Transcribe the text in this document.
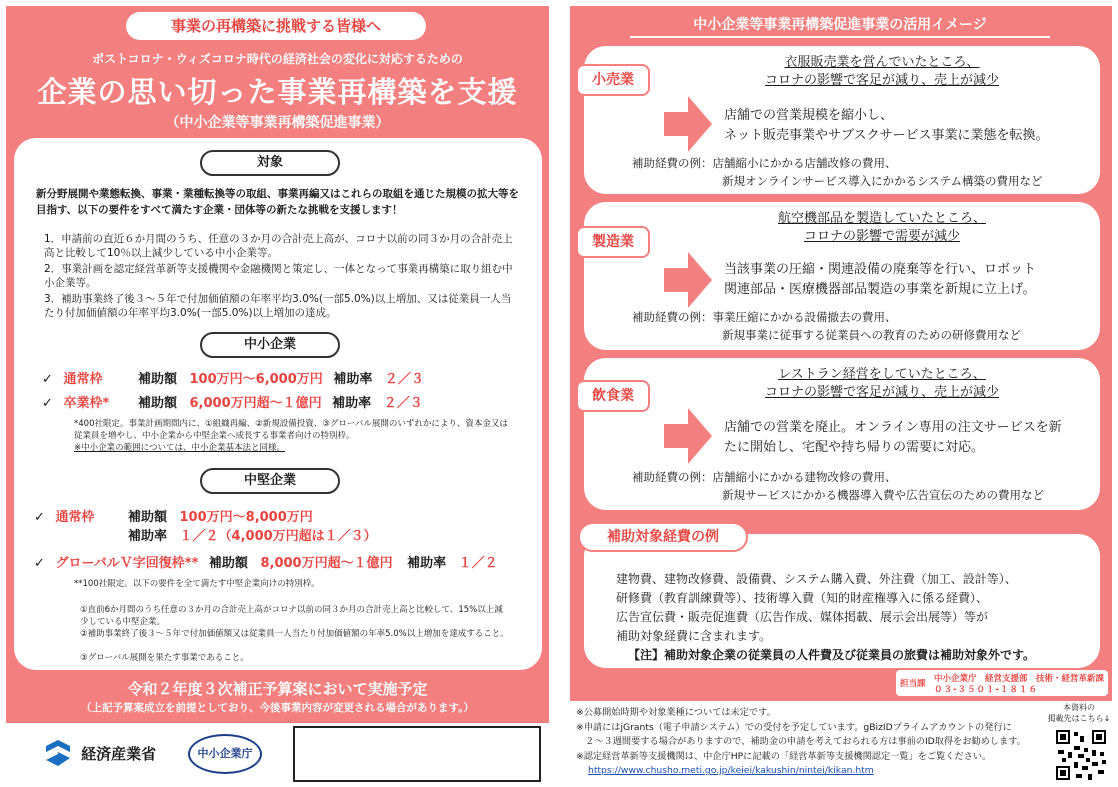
事業の再構築に挑戦する皆様へ
ポストコロナ・ウィズコロナ時代の経済社会の変化に対応するための
企業の思い切った事業再構築を支援
（中小企業等事業再構築促進事業）
対象
新分野展開や業態転換、事業・業種転換等の取組、事業再編又はこれらの取組を通じた規模の拡大等を目指す、以下の要件をすべて満たす企業・団体等の新たな挑戦を支援します！
1．申請前の直近６か月間のうち、任意の３か月の合計売上高が、コロナ以前の同３か月の合計売上高と比較して10％以上減少している中小企業等。
2．事業計画を認定経営革新等支援機関や金融機関と策定し、一体となって事業再構築に取り組む中小企業等。
3．補助事業終了後３～５年で付加価値額の年率平均3.0%(一部5.0%)以上増加、又は従業員一人当たり付加価値額の年率平均3.0%(一部5.0%)以上増加の達成。
中小企業
✓ 通常枠	補助額 100万円～6,000万円 補助率 ２／３
✓ 卒業枠* 補助額 6,000万円超～１億円 補助率 ２／３
*400社限定。事業計画期間内に、①組織再編、②新規設備投資、③グローバル展開のいずれかにより、資本金又は従業員を増やし、中小企業から中堅企業へ成長する事業者向けの特別枠。
※中小企業の範囲については、中小企業基本法と同様。
中堅企業
✓ 通常枠	補助額 100万円～8,000万円
補助率 １／２（4,000万円超は１／３）
✓ グローバルＶ字回復枠** 補助額 8,000万円超～１億円 補助率 １／２
**100社限定。以下の要件を全て満たす中堅企業向けの特別枠。
①直前6か月間のうち任意の３か月の合計売上高がコロナ以前の同３か月の合計売上高と比較して、15%以上減少している中堅企業。
②補助事業終了後３～５年で付加価値額又は従業員一人当たり付加価値額の年率5.0%以上増加を達成すること。
③グローバル展開を果たす事業であること。
令和２年度３次補正予算案において実施予定
（上記予算案成立を前提としており、今後事業内容が変更される場合があります。）
経済産業省	中小企業庁
中小企業等事業再構築促進事業の活用イメージ
小売業
衣服販売業を営んでいたところ、
コロナの影響で客足が減り、売上が減少
店舗での営業規模を縮小し、
ネット販売事業やサブスクサービス事業に業態を転換。
補助経費の例：店舗縮小にかかる店舗改修の費用、
新規オンラインサービス導入にかかるシステム構築の費用など
製造業
航空機部品を製造していたところ、
コロナの影響で需要が減少
当該事業の圧縮・関連設備の廃棄等を行い、ロボット
関連部品・医療機器部品製造の事業を新規に立上げ。
補助経費の例：事業圧縮にかかる設備撤去の費用、
新規事業に従事する従業員への教育のための研修費用など
飲食業
レストラン経営をしていたところ、
コロナの影響で客足が減り、売上が減少
店舗での営業を廃止。オンライン専用の注文サービスを新
たに開始し、宅配や持ち帰りの需要に対応。
補助経費の例：店舗縮小にかかる建物改修の費用、
新規サービスにかかる機器導入費や広告宣伝のための費用など
建物費、建物改修費、設備費、システム購入費、外注費（加工、設計等）、
研修費（教育訓練費等）、技術導入費（知的財産権導入に係る経費）、
広告宣伝費・販売促進費（広告作成、媒体掲載、展示会出展等）等が
補助対象経費に含まれます。
【注】補助対象企業の従業員の人件費及び従業員の旅費は補助対象外です。
補助対象経費の例
担当課 中小企業庁　経営支援部　技術・経営革新課
０３-３５０１-１８１６
※公募開始時期や対象業種については未定です。
※申請にはjGrants（電子申請システム）での受付を予定しています。gBizIDプライムアカウントの発行に
　２～３週間要する場合がありますので、補助金の申請を考えておられる方は事前のID取得をお勧めします。
※認定経営革新等支援機関は、中企庁HPに記載の「経営革新等支援機関認定一覧」をご覧ください。
https://www.chusho.meti.go.jp/keiei/kakushin/nintei/kikan.htm
本資料の
掲載先はこちら↓
